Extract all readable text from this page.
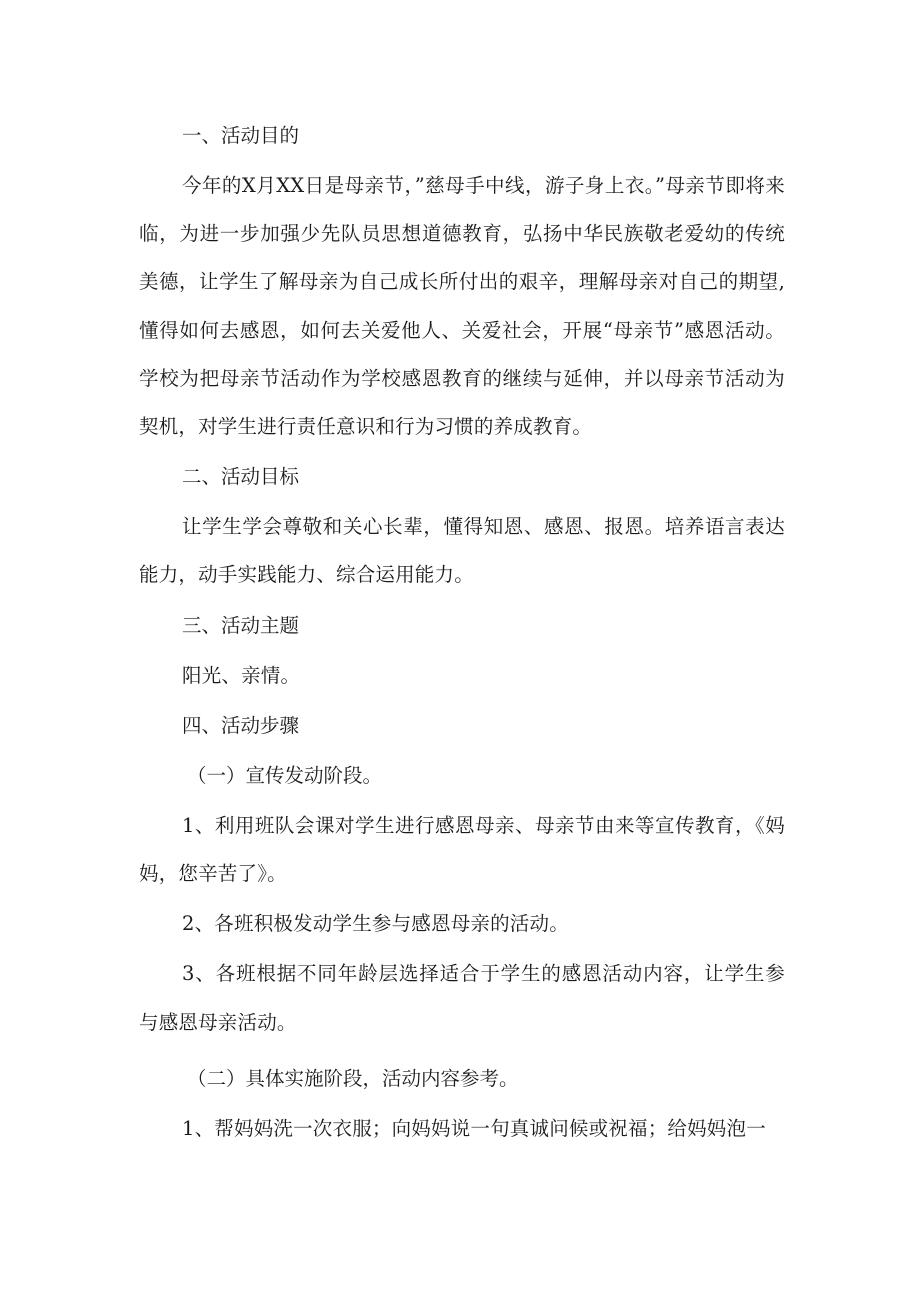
一、活动目的

今年的X月XX日是母亲节，”慈母手中线，游子身上衣。”母亲节即将来临，为进一步加强少先队员思想道德教育，弘扬中华民族敬老爱幼的传统美德，让学生了解母亲为自己成长所付出的艰辛，理解母亲对自己的期望,懂得如何去感恩，如何去关爱他人、关爱社会，开展“母亲节”感恩活动。学校为把母亲节活动作为学校感恩教育的继续与延伸，并以母亲节活动为契机，对学生进行责任意识和行为习惯的养成教育。

二、活动目标

让学生学会尊敬和关心长辈，懂得知恩、感恩、报恩。培养语言表达能力，动手实践能力、综合运用能力。

三、活动主题

阳光、亲情。

四、活动步骤

（一）宣传发动阶段。

1、利用班队会课对学生进行感恩母亲、母亲节由来等宣传教育，《妈妈，您辛苦了》。

2、各班积极发动学生参与感恩母亲的活动。

3、各班根据不同年龄层选择适合于学生的感恩活动内容，让学生参与感恩母亲活动。

（二）具体实施阶段，活动内容参考。

1、帮妈妈洗一次衣服；向妈妈说一句真诚问候或祝福；给妈妈泡一
